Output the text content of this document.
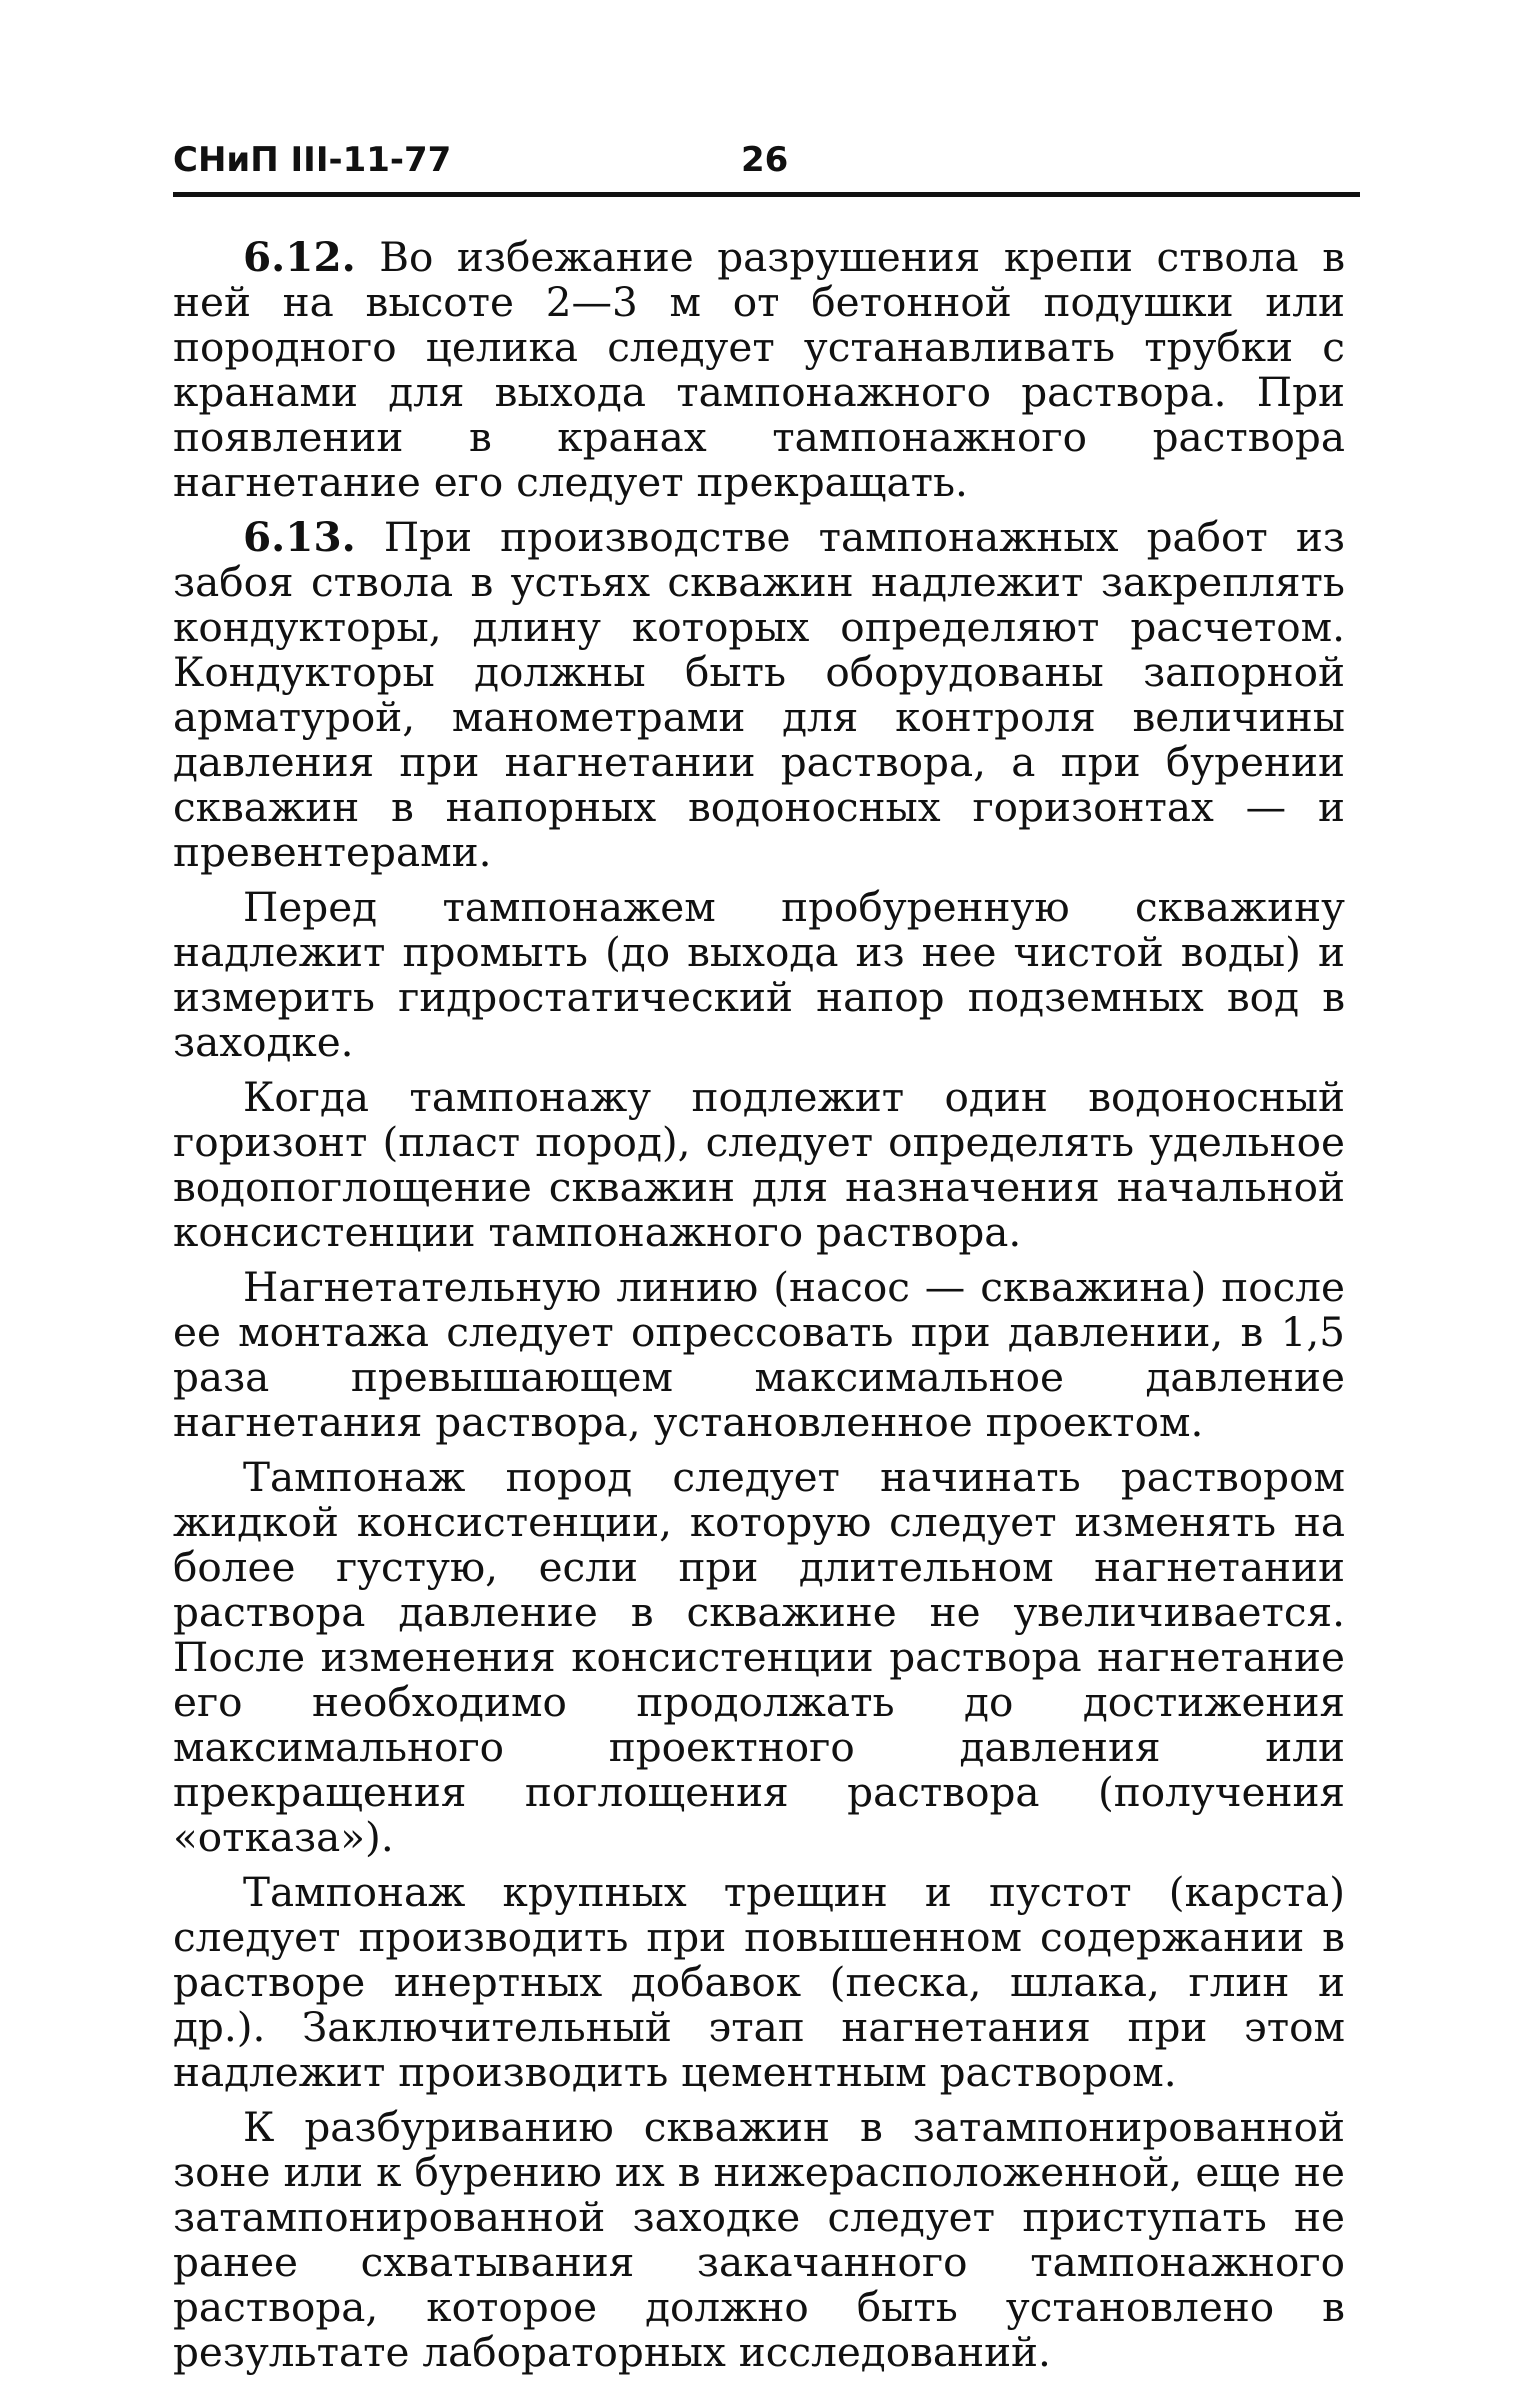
СНиП III-11-77	26

6.12. Во избежание разрушения крепи ствола в ней на высоте 2—3 м от бетонной подушки или породного целика следует устанавливать трубки с кранами для выхода тампонажного раствора. При появлении в кранах тампонажного раствора нагнетание его следует прекращать.

6.13. При производстве тампонажных работ из забоя ствола в устьях скважин надлежит закреплять кондукторы, длину которых определяют расчетом. Кондукторы должны быть оборудованы запорной арматурой, манометрами для контроля величины давления при нагнетании раствора, а при бурении скважин в напорных водоносных горизонтах — и превентерами.

Перед тампонажем пробуренную скважину надлежит промыть (до выхода из нее чистой воды) и измерить гидростатический напор подземных вод в заходке.

Когда тампонажу подлежит один водоносный горизонт (пласт пород), следует определять удельное водопоглощение скважин для назначения начальной консистенции тампонажного раствора.

Нагнетательную линию (насос — скважина) после ее монтажа следует опрессовать при давлении, в 1,5 раза превышающем максимальное давление нагнетания раствора, установленное проектом.

Тампонаж пород следует начинать раствором жидкой консистенции, которую следует изменять на более густую, если при длительном нагнетании раствора давление в скважине не увеличивается. После изменения консистенции раствора нагнетание его необходимо продолжать до достижения максимального проектного давления или прекращения поглощения раствора (получения «отказа»).

Тампонаж крупных трещин и пустот (карста) следует производить при повышенном содержании в растворе инертных добавок (песка, шлака, глин и др.). Заключительный этап нагнетания при этом надлежит производить цементным раствором.

К разбуриванию скважин в затампонированной зоне или к бурению их в нижерасположенной, еще не затампонированной заходке следует приступать не ранее схватывания закачанного тампонажного раствора, которое должно быть установлено в результате лабораторных исследований.
